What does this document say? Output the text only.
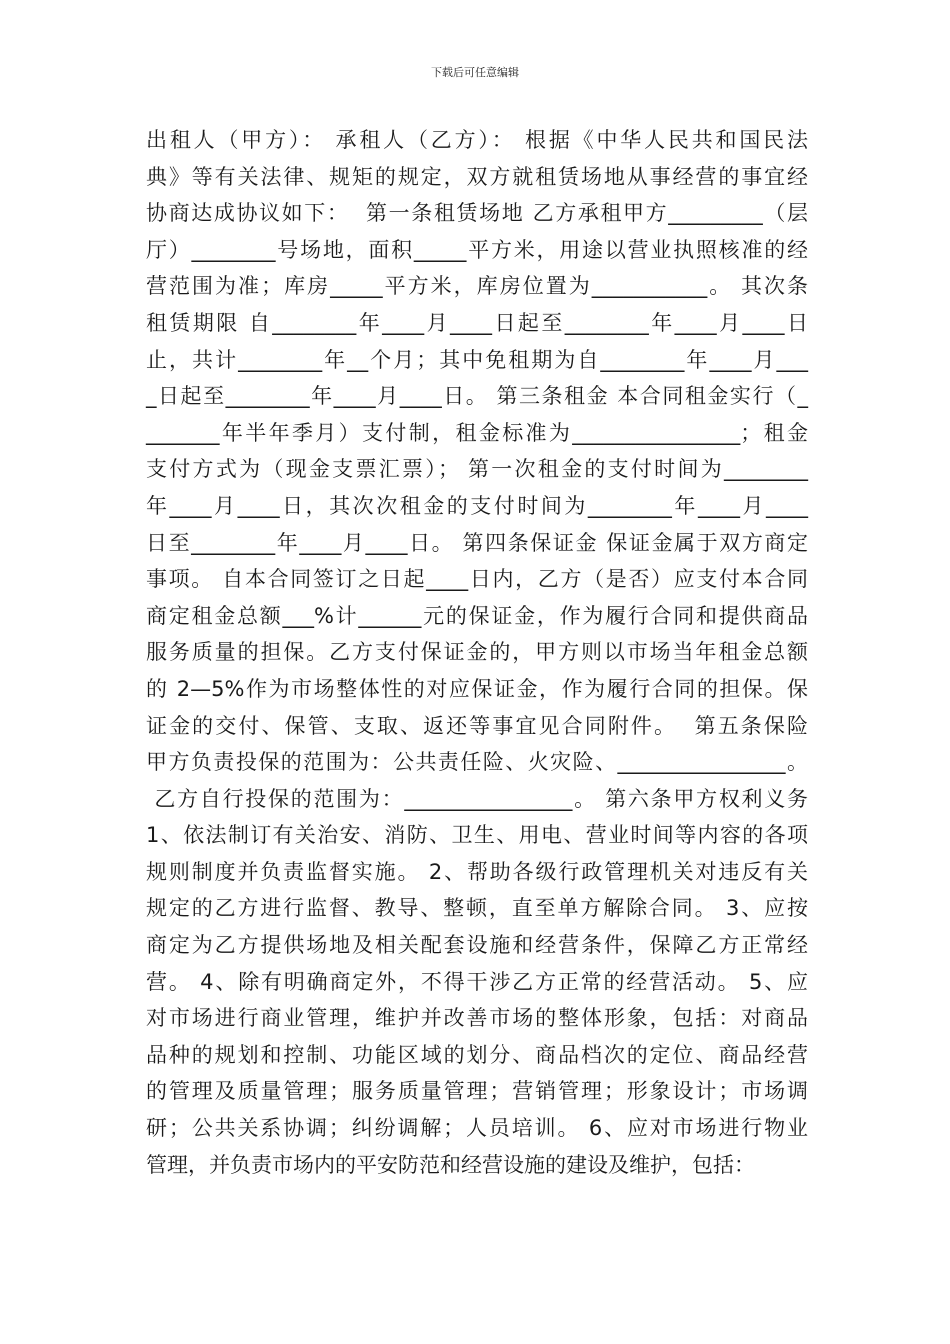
下载后可任意编辑
出租人（甲方）： 承租人（乙方）： 根据《中华人民共和国民法
典》等有关法律、规矩的规定，双方就租赁场地从事经营的事宜经
协商达成协议如下：  第一条租赁场地 乙方承租甲方_________（层
厅）________号场地，面积_____平方米，用途以营业执照核准的经
营范围为准；库房_____平方米，库房位置为___________。 其次条
租赁期限 自________年____月____日起至________年____月____日
止，共计________年__个月；其中免租期为自________年____月___
_日起至________年____月____日。 第三条租金 本合同租金实行（_
_______年半年季月）支付制，租金标准为________________；租金
支付方式为（现金支票汇票）； 第一次租金的支付时间为________
年____月____日，其次次租金的支付时间为________年____月____
日至________年____月____日。 第四条保证金 保证金属于双方商定
事项。 自本合同签订之日起____日内，乙方（是否）应支付本合同
商定租金总额___%计______元的保证金，作为履行合同和提供商品
服务质量的担保。乙方支付保证金的，甲方则以市场当年租金总额
的 2—5%作为市场整体性的对应保证金，作为履行合同的担保。保
证金的交付、保管、支取、返还等事宜见合同附件。  第五条保险
甲方负责投保的范围为：公共责任险、火灾险、________________。
乙方自行投保的范围为：________________。 第六条甲方权利义务
1、依法制订有关治安、消防、卫生、用电、营业时间等内容的各项
规则制度并负责监督实施。 2、帮助各级行政管理机关对违反有关
规定的乙方进行监督、教导、整顿，直至单方解除合同。 3、应按
商定为乙方提供场地及相关配套设施和经营条件，保障乙方正常经
营。 4、除有明确商定外，不得干涉乙方正常的经营活动。 5、应
对市场进行商业管理，维护并改善市场的整体形象，包括：对商品
品种的规划和控制、功能区域的划分、商品档次的定位、商品经营
的管理及质量管理；服务质量管理；营销管理；形象设计；市场调
研；公共关系协调；纠纷调解；人员培训。 6、应对市场进行物业
管理，并负责市场内的平安防范和经营设施的建设及维护，包括：
